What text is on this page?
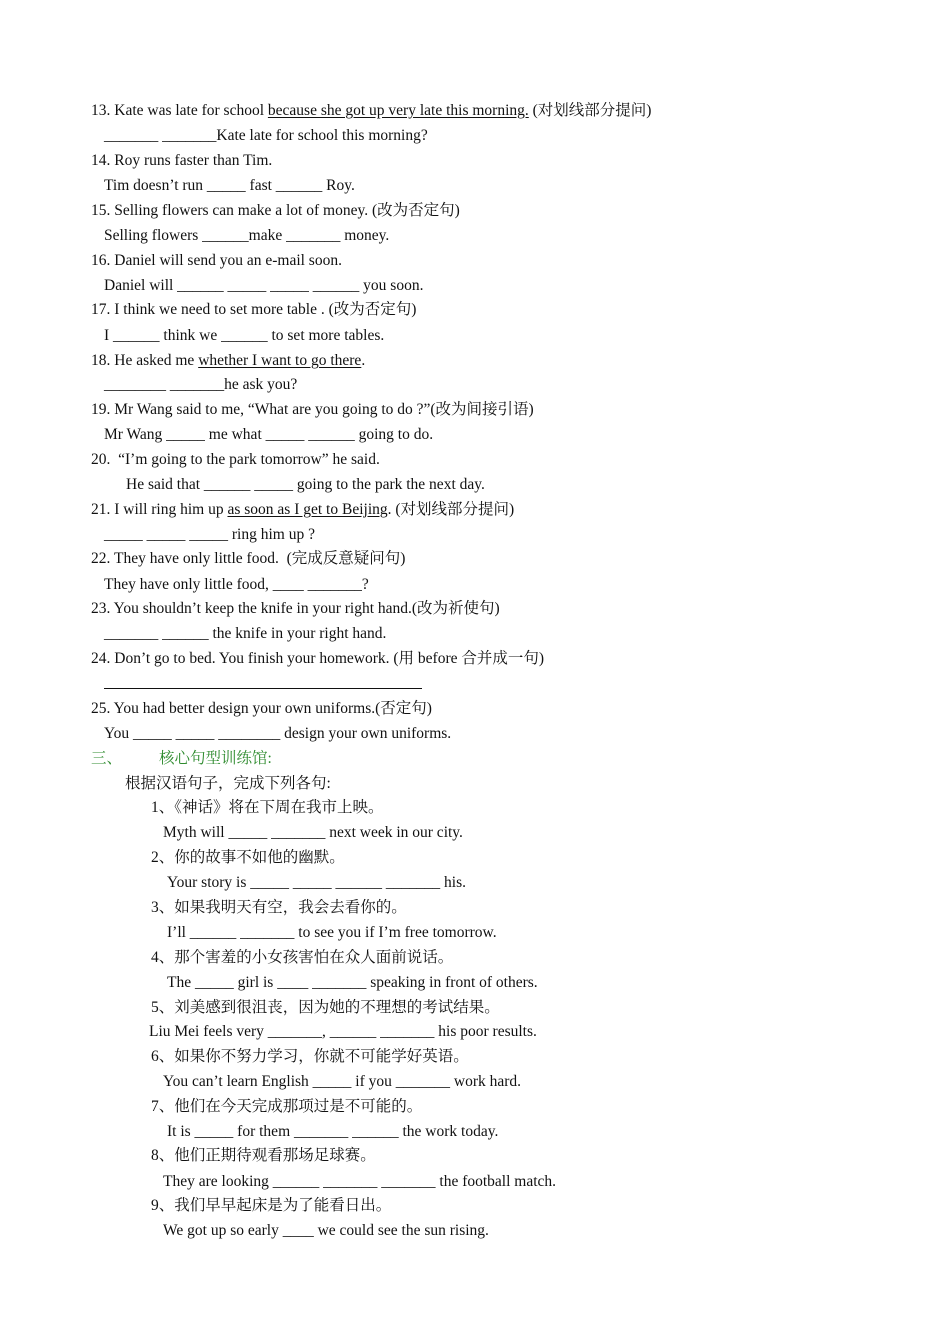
13. Kate was late for school because she got up very late this morning. (对划线部分提问)
_______ _______Kate late for school this morning?
14. Roy runs faster than Tim.
Tim doesn’t run _____ fast ______ Roy.
15. Selling flowers can make a lot of money. (改为否定句)
Selling flowers ______make _______ money.
16. Daniel will send you an e-mail soon.
Daniel will ______ _____ _____ ______ you soon.
17. I think we need to set more table . (改为否定句)
I ______ think we ______ to set more tables.
18. He asked me whether I want to go there.
________ _______he ask you?
19. Mr Wang said to me, “What are you going to do ?”(改为间接引语)
Mr Wang _____ me what _____ ______ going to do.
20.  “I’m going to the park tomorrow” he said.
He said that ______ _____ going to the park the next day.
21. I will ring him up as soon as I get to Beijing. (对划线部分提问)
_____ _____ _____ ring him up ?
22. They have only little food.  (完成反意疑问句)
They have only little food, ____ _______?
23. You shouldn’t keep the knife in your right hand.(改为祈使句)
_______ ______ the knife in your right hand.
24. Don’t go to bed. You finish your homework. (用 before 合并成一句)
25. You had better design your own uniforms.(否定句)
You _____ _____ ________ design your own uniforms.
三、 核心句型训练馆:
根据汉语句子，完成下列各句:
1、《神话》将在下周在我市上映。
Myth will _____ _______ next week in our city.
2、你的故事不如他的幽默。
Your story is _____ _____ ______ _______ his.
3、如果我明天有空，我会去看你的。
I’ll ______ _______ to see you if I’m free tomorrow.
4、那个害羞的小女孩害怕在众人面前说话。
The _____ girl is ____ _______ speaking in front of others.
5、刘美感到很沮丧，因为她的不理想的考试结果。
Liu Mei feels very _______, ______ _______ his poor results.
6、如果你不努力学习，你就不可能学好英语。
You can’t learn English _____ if you _______ work hard.
7、他们在今天完成那项过是不可能的。
It is _____ for them _______ ______ the work today.
8、他们正期待观看那场足球赛。
They are looking ______ _______ _______ the football match.
9、我们早早起床是为了能看日出。
We got up so early ____ we could see the sun rising.
